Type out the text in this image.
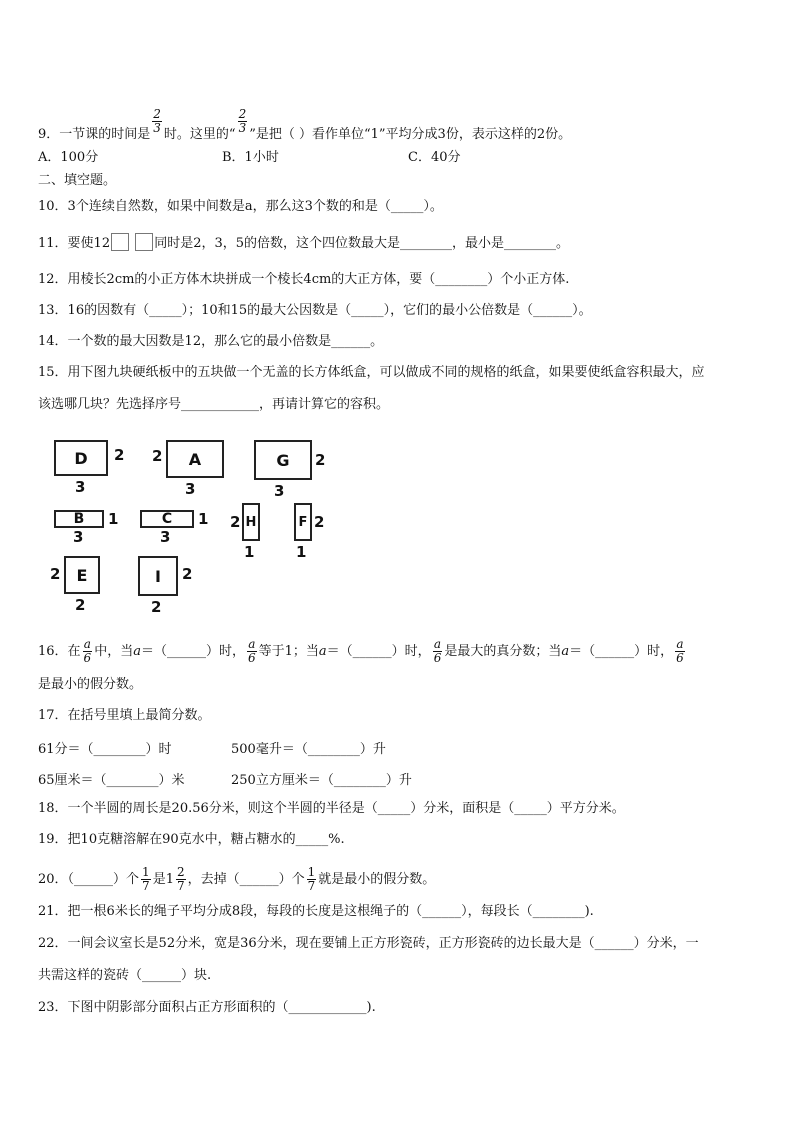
9．一节课的时间是 $\frac{2}{3}$ 时。这里的“ $\frac{2}{3}$ ”是把（ ）看作单位“1”平均分成3份，表示这样的2份。
A．100分	B．1小时	C．40分
二、填空题。
10．3个连续自然数，如果中间数是a，那么这3个数的和是（_____）。
11．要使12	同时是2，3，5的倍数，这个四位数最大是________，最小是________。
12．用棱长2cm的小正方体木块拼成一个棱长4cm的大正方体，要（________）个小正方体.
13．16的因数有（_____）；10和15的最大公因数是（_____），它们的最小公倍数是（______）。
14．一个数的最大因数是12，那么它的最小倍数是______。
15．用下图九块硬纸板中的五块做一个无盖的长方体纸盒，可以做成不同的规格的纸盒，如果要使纸盒容积最大，应
该选哪几块？先选择序号____________，再请计算它的容积。
D	2
3
A
2
3
G	2
3
B	1
3
C	1
3
H
2
1
F 2
1
E
2
2
I	2
2
16．在 $\frac{a}{6}$ 中，当a＝（______）时， $\frac{a}{6}$ 等于1；当a＝（______）时， $\frac{a}{6}$ 是最大的真分数；当a＝（______）时， $\frac{a}{6}$
是最小的假分数。
17．在括号里填上最简分数。
61分＝（________）时	500毫升＝（________）升
65厘米＝（________）米	250立方厘米＝（________）升
18．一个半圆的周长是20.56分米，则这个半圆的半径是（_____）分米，面积是（_____）平方分米。
19．把10克糖溶解在90克水中，糖占糖水的_____%.
20．（______）个 $\frac{1}{7}$ 是$1 \frac{2}{7}$ ，去掉（______）个 $\frac{1}{7}$ 就是最小的假分数。
21．把一根6米长的绳子平均分成8段，每段的长度是这根绳子的（______），每段长（________).
22．一间会议室长是52分米，宽是36分米，现在要铺上正方形瓷砖，正方形瓷砖的边长最大是（______）分米，一
共需这样的瓷砖（______）块.
23．下图中阴影部分面积占正方形面积的（____________).
